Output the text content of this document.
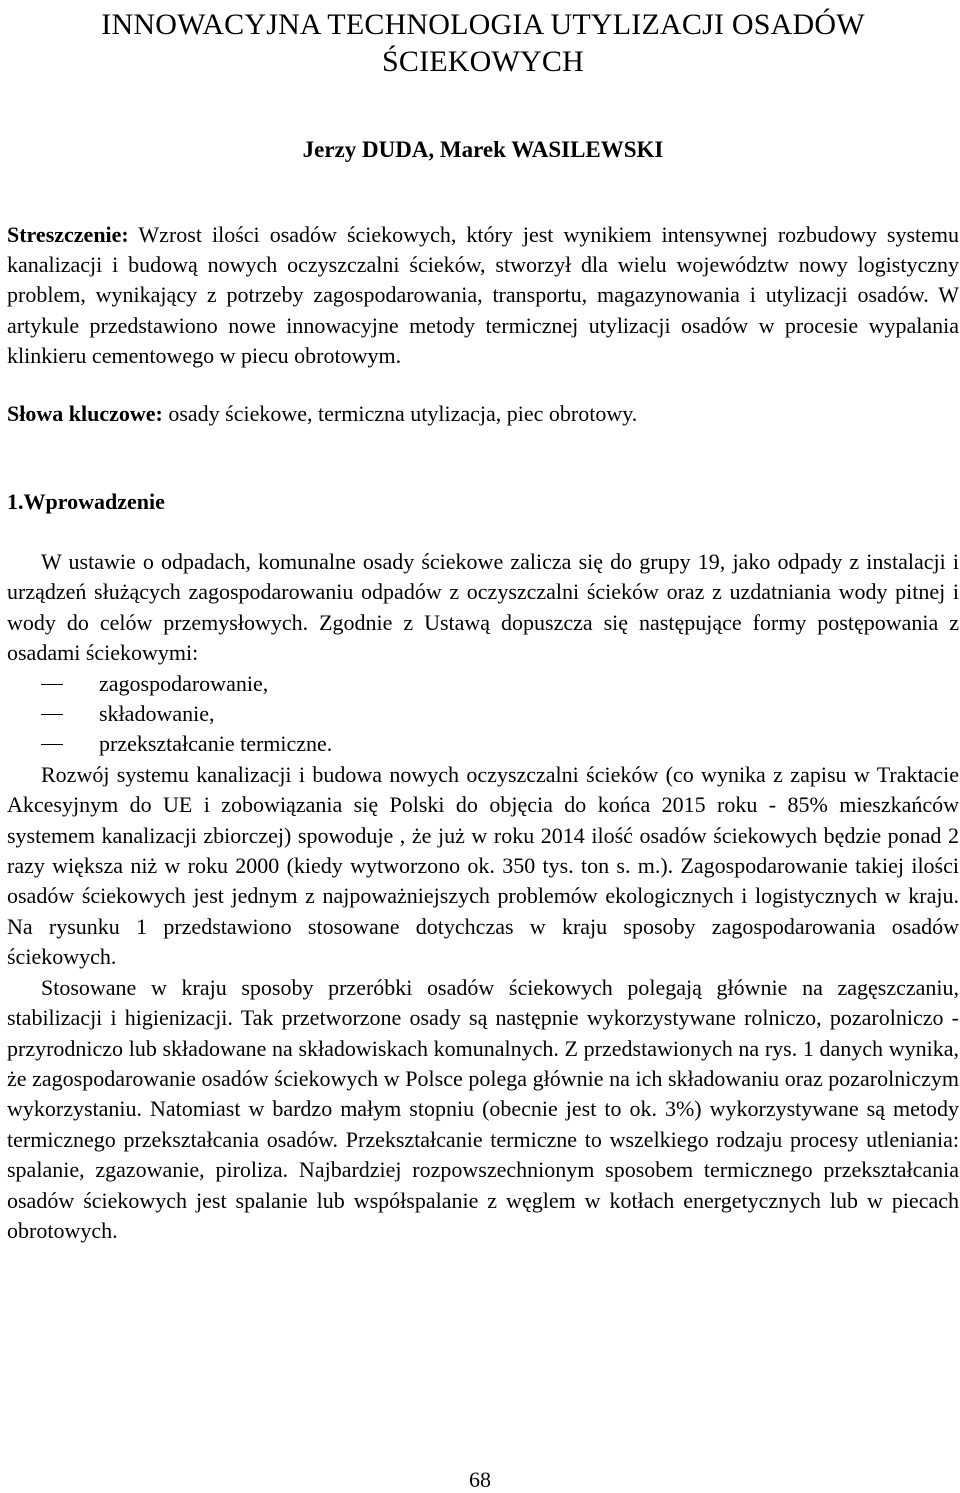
INNOWACYJNA TECHNOLOGIA UTYLIZACJI OSADÓW
ŚCIEKOWYCH

Jerzy DUDA, Marek WASILEWSKI

Streszczenie: Wzrost ilości osadów ściekowych, który jest wynikiem intensywnej rozbudowy systemu kanalizacji i budową nowych oczyszczalni ścieków, stworzył dla wielu województw nowy logistyczny problem, wynikający z potrzeby zagospodarowania, transportu, magazynowania i utylizacji osadów. W artykule przedstawiono nowe innowacyjne metody termicznej utylizacji osadów w procesie wypalania klinkieru cementowego w piecu obrotowym.

Słowa kluczowe: osady ściekowe, termiczna utylizacja, piec obrotowy.

1.Wprowadzenie

W ustawie o odpadach, komunalne osady ściekowe zalicza się do grupy 19, jako odpady z instalacji i urządzeń służących zagospodarowaniu odpadów z oczyszczalni ścieków oraz z uzdatniania wody pitnej i wody do celów przemysłowych. Zgodnie z Ustawą dopuszcza się następujące formy postępowania z osadami ściekowymi:

zagospodarowanie,
składowanie,
przekształcanie termiczne.

Rozwój systemu kanalizacji i budowa nowych oczyszczalni ścieków (co wynika z zapisu w Traktacie Akcesyjnym do UE i zobowiązania się Polski do objęcia do końca 2015 roku - 85% mieszkańców systemem kanalizacji zbiorczej) spowoduje , że już w roku 2014 ilość osadów ściekowych będzie ponad 2 razy większa niż w roku 2000 (kiedy wytworzono ok. 350 tys. ton s. m.). Zagospodarowanie takiej ilości osadów ściekowych jest jednym z najpoważniejszych problemów ekologicznych i logistycznych w kraju. Na rysunku 1 przedstawiono stosowane dotychczas w kraju sposoby zagospodarowania osadów ściekowych.

Stosowane w kraju sposoby przeróbki osadów ściekowych polegają głównie na zagęszczaniu, stabilizacji i higienizacji. Tak przetworzone osady są następnie wykorzystywane rolniczo, pozarolniczo - przyrodniczo lub składowane na składowiskach komunalnych. Z przedstawionych na rys. 1 danych wynika, że zagospodarowanie osadów ściekowych w Polsce polega głównie na ich składowaniu oraz pozarolniczym wykorzystaniu. Natomiast w bardzo małym stopniu (obecnie jest to ok. 3%) wykorzystywane są metody termicznego przekształcania osadów. Przekształcanie termiczne to wszelkiego rodzaju procesy utleniania: spalanie, zgazowanie, piroliza. Najbardziej rozpowszechnionym sposobem termicznego przekształcania osadów ściekowych jest spalanie lub współspalanie z węglem w kotłach energetycznych lub w piecach obrotowych.

68
